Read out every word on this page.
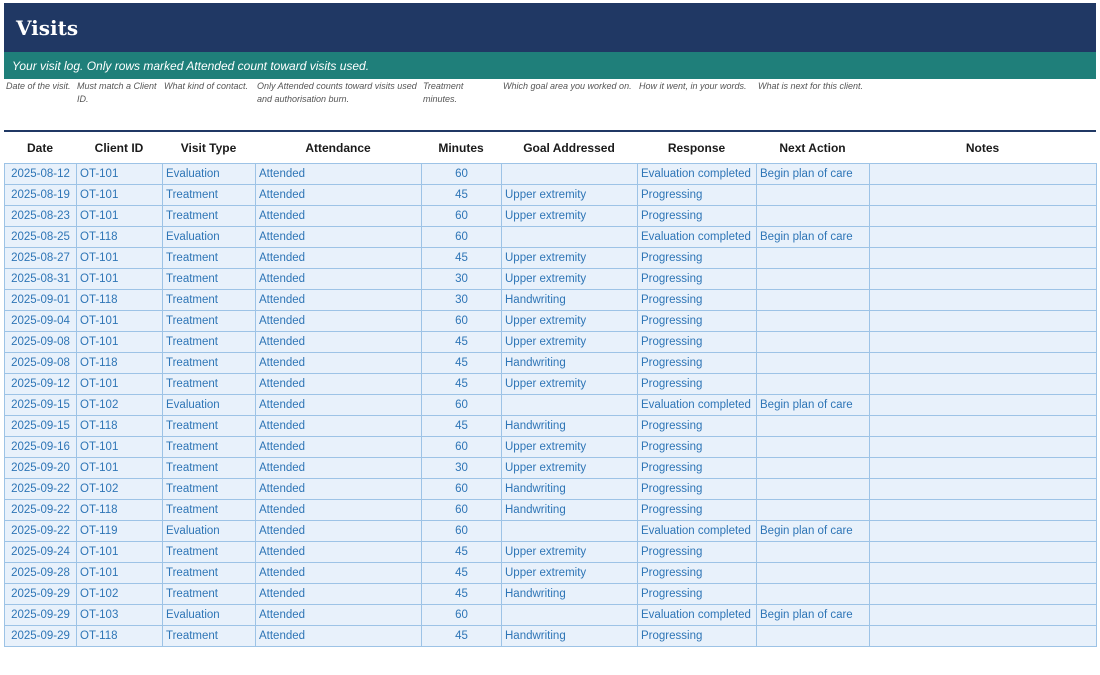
Visits
Your visit log. Only rows marked Attended count toward visits used.
Date of the visit. Must match a Client ID.
What kind of contact. Only Attended counts toward visits used and authorisation burn.
Treatment minutes.
Which goal area you worked on. How it went, in your words.	What is next for this client.
Date	Client ID	Visit Type	Attendance	Minutes	Goal Addressed	Response	Next Action	Notes
2025-08-12	OT-101	Evaluation	Attended	60		Evaluation completed	Begin plan of care	
2025-08-19	OT-101	Treatment	Attended	45	Upper extremity	Progressing		
2025-08-23	OT-101	Treatment	Attended	60	Upper extremity	Progressing		
2025-08-25	OT-118	Evaluation	Attended	60		Evaluation completed	Begin plan of care	
2025-08-27	OT-101	Treatment	Attended	45	Upper extremity	Progressing		
2025-08-31	OT-101	Treatment	Attended	30	Upper extremity	Progressing		
2025-09-01	OT-118	Treatment	Attended	30	Handwriting	Progressing		
2025-09-04	OT-101	Treatment	Attended	60	Upper extremity	Progressing		
2025-09-08	OT-101	Treatment	Attended	45	Upper extremity	Progressing		
2025-09-08	OT-118	Treatment	Attended	45	Handwriting	Progressing		
2025-09-12	OT-101	Treatment	Attended	45	Upper extremity	Progressing		
2025-09-15	OT-102	Evaluation	Attended	60		Evaluation completed	Begin plan of care	
2025-09-15	OT-118	Treatment	Attended	45	Handwriting	Progressing		
2025-09-16	OT-101	Treatment	Attended	60	Upper extremity	Progressing		
2025-09-20	OT-101	Treatment	Attended	30	Upper extremity	Progressing		
2025-09-22	OT-102	Treatment	Attended	60	Handwriting	Progressing		
2025-09-22	OT-118	Treatment	Attended	60	Handwriting	Progressing		
2025-09-22	OT-119	Evaluation	Attended	60		Evaluation completed	Begin plan of care	
2025-09-24	OT-101	Treatment	Attended	45	Upper extremity	Progressing		
2025-09-28	OT-101	Treatment	Attended	45	Upper extremity	Progressing		
2025-09-29	OT-102	Treatment	Attended	45	Handwriting	Progressing		
2025-09-29	OT-103	Evaluation	Attended	60		Evaluation completed	Begin plan of care	
2025-09-29	OT-118	Treatment	Attended	45	Handwriting	Progressing		
